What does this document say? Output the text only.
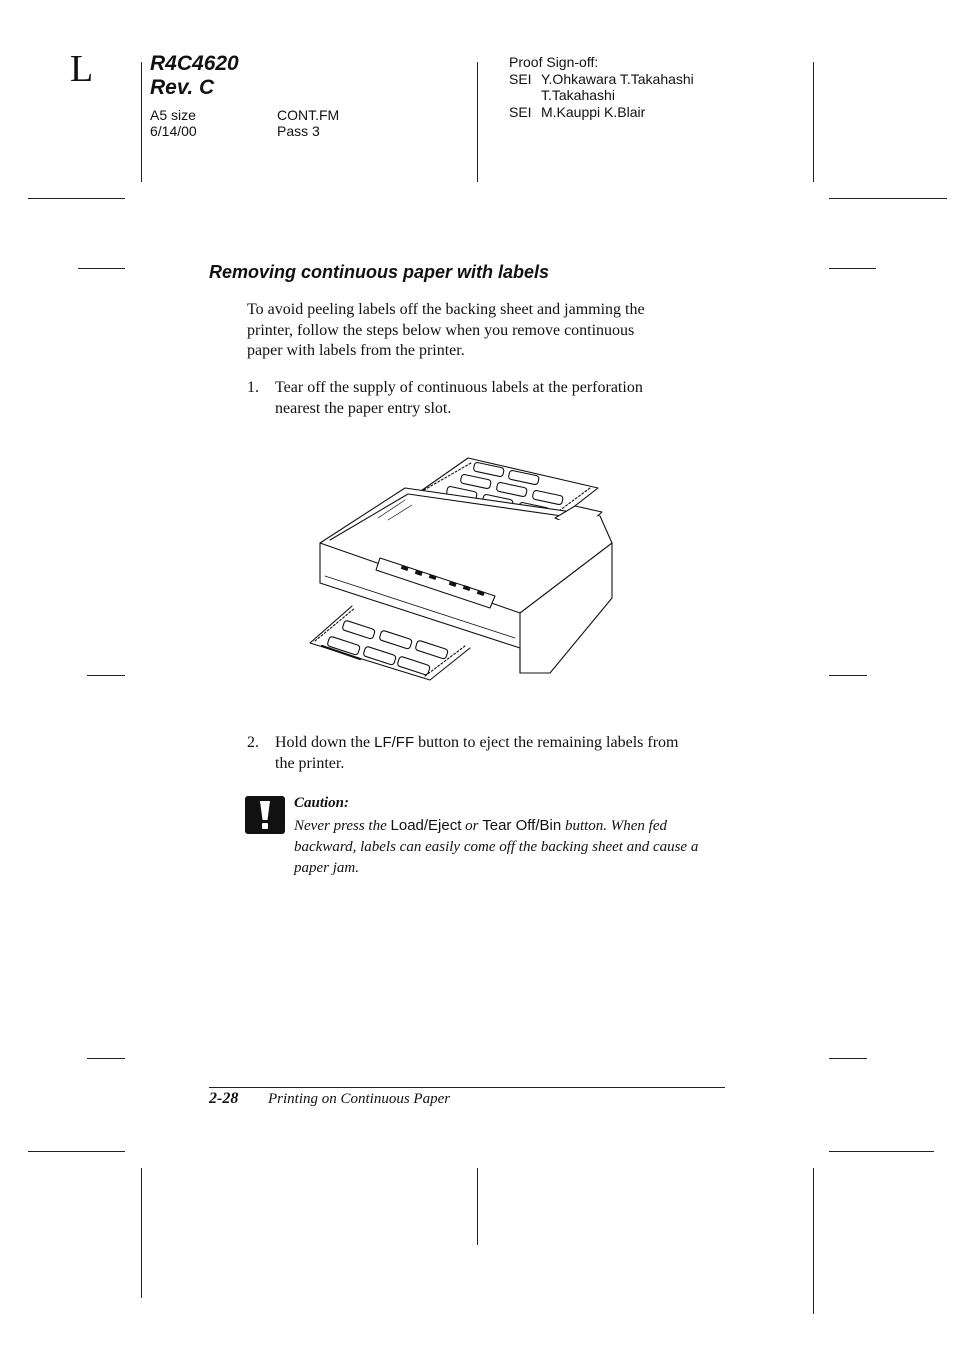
L	R4C4620
Rev. C
A5 size
6/14/00
CONT.FM
Pass 3
Proof Sign-off:
SEI Y.Ohkawara T.Takahashi
T.Takahashi
SEI M.Kauppi K.Blair
Removing continuous paper with labels
To avoid peeling labels off the backing sheet and jamming the
printer, follow the steps below when you remove continuous
paper with labels from the printer.
1. Tear off the supply of continuous labels at the perforation
nearest the paper entry slot.
2. Hold down the LF/FF button to eject the remaining labels from
the printer.
Caution:
Never press the Load/Eject or Tear Off/Bin button. When fed backward, labels can easily come off the backing sheet and cause a paper jam.
2-28 Printing on Continuous Paper
